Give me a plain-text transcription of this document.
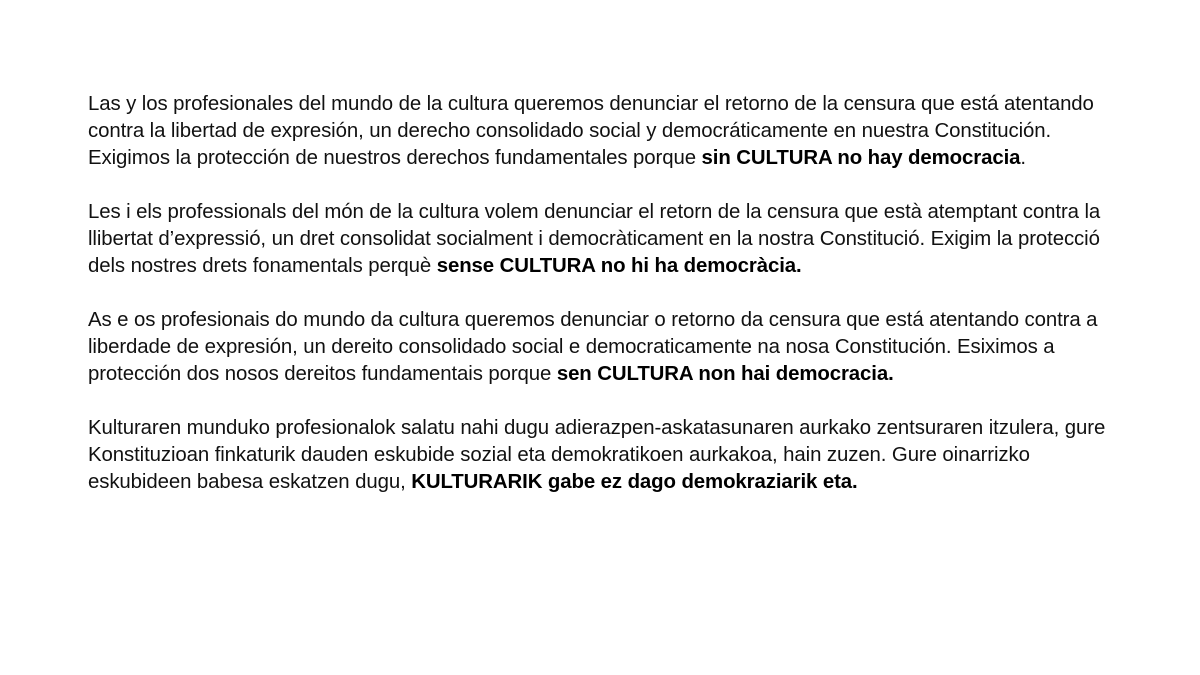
Las y los profesionales del mundo de la cultura queremos denunciar el retorno de la censura que está atentando contra la libertad de expresión, un derecho consolidado social y democráticamente en nuestra Constitución. Exigimos la protección de nuestros derechos fundamentales porque sin CULTURA no hay democracia.

Les i els professionals del món de la cultura volem denunciar el retorn de la censura que està atemptant contra la llibertat d’expressió, un dret consolidat socialment i democràticament en la nostra Constitució. Exigim la protecció dels nostres drets fonamentals perquè sense CULTURA no hi ha democràcia.

As e os profesionais do mundo da cultura queremos denunciar o retorno da censura que está atentando contra a liberdade de expresión, un dereito consolidado social e democraticamente na nosa Constitución. Esiximos a protección dos nosos dereitos fundamentais porque sen CULTURA non hai democracia.

Kulturaren munduko profesionalok salatu nahi dugu adierazpen-askatasunaren aurkako zentsuraren itzulera, gure Konstituzioan finkaturik dauden eskubide sozial eta demokratikoen aurkakoa, hain zuzen. Gure oinarrizko eskubideen babesa eskatzen dugu, KULTURARIK gabe ez dago demokraziarik eta.
